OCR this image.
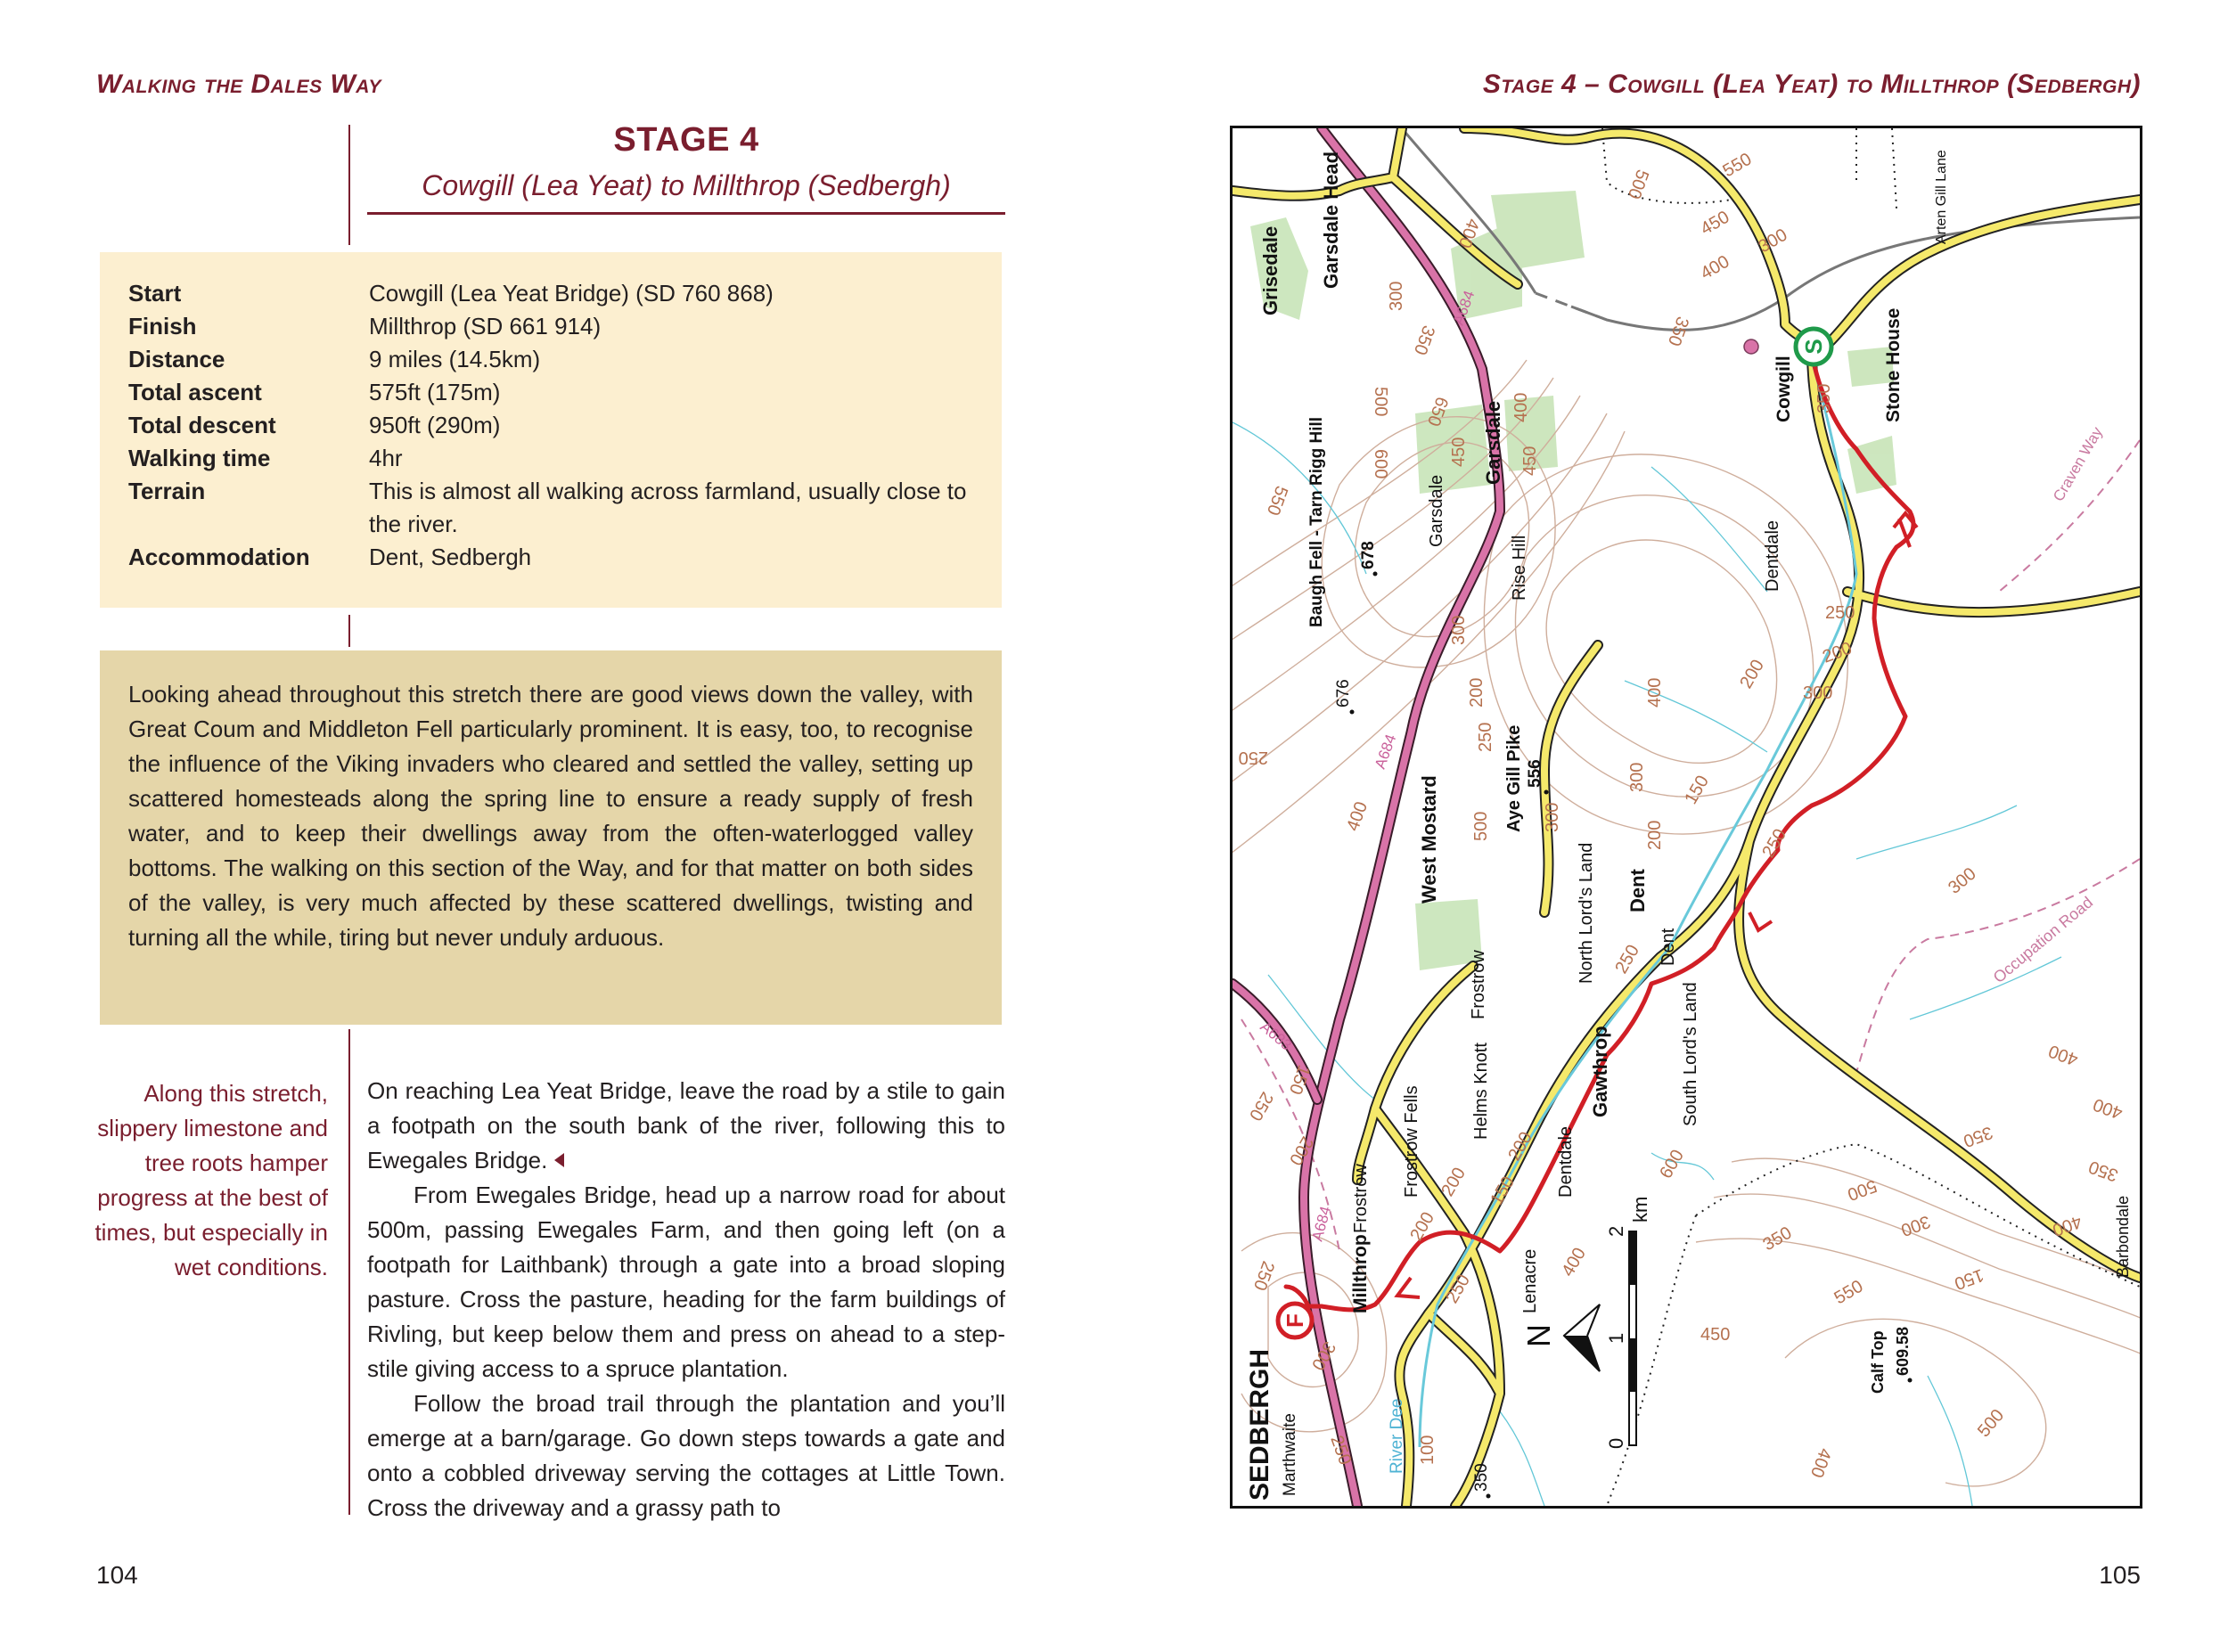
Walking the Dales Way	Stage 4 – Cowgill (Lea Yeat) to Millthrop (Sedbergh)
STAGE 4
Cowgill (Lea Yeat) to Millthrop (Sedbergh)
Start	Cowgill (Lea Yeat Bridge) (SD 760 868)
Finish	Millthrop (SD 661 914)
Distance	9 miles (14.5km)
Total ascent	575ft (175m)
Total descent	950ft (290m)
Walking time	4hr
Terrain	This is almost all walking across farmland, usually close to the river.
Accommodation	Dent, Sedbergh
Looking ahead throughout this stretch there are good views down the valley, with Great Coum and Middleton Fell particularly prominent. It is easy, too, to recognise the influence of the Viking invaders who cleared and settled the valley, setting up scattered homesteads along the spring line to ensure a ready supply of fresh water, and to keep their dwellings away from the often-waterlogged valley bottoms. The walking on this section of the Way, and for that matter on both sides of the valley, is very much affected by these scattered dwellings, twisting and turning all the while, tiring but never unduly arduous.
Along this stretch, slippery limestone and tree roots hamper progress at the best of times, but especially in wet conditions.

On reaching Lea Yeat Bridge, leave the road by a stile to gain a footpath on the south bank of the river, following this to Ewegales Bridge.

From Ewegales Bridge, head up a narrow road for about 500m, passing Ewegales Farm, and then going left (on a footpath for Laithbank) through a gate into a broad sloping pasture. Cross the pasture, heading for the farm buildings of Rivling, but keep below them and press on ahead to a step-stile giving access to a spruce plantation.

Follow the broad trail through the plantation and you’ll emerge at a barn/garage. Go down steps towards a gate and onto a cobbled driveway serving the cottages at Little Town. Cross the driveway and a grassy path to

104	105
S
F
Garsdale Head
Grisedale
Baugh Fell - Tarn Rigg Hill	Garsdale
Garsdale
Rise Hill
Aye Gill Pike
West Mostard
Frostrow
Frostrow
Frostrow Fells	Helms Knott
North Lord's Land Dent
Dent
Gawthrop
Dentdale
Dentdale
South Lord's Land
Lenacre
Millthrop
SEDBERGH Marthwaite	River Dee
Cowgill	Stone House
Arten Gill Lane
Craven Way
Occupation Road
Barbondale
Calf Top
A684
A684
A684
A683
678
676
556
609.58
350
500
550
450
400
300
400
350	350
300
500
600
650
550
450
400
450
300
200
250
300
500
400
300
200
250
150
200
250
600
400
250
400
350
250
200
300
200
150
200
250
150
250
200
250
300
250
200
400
400
350
550
500
300
350
150
450
400
500
400
350
300
100
N
0
1
2
km
